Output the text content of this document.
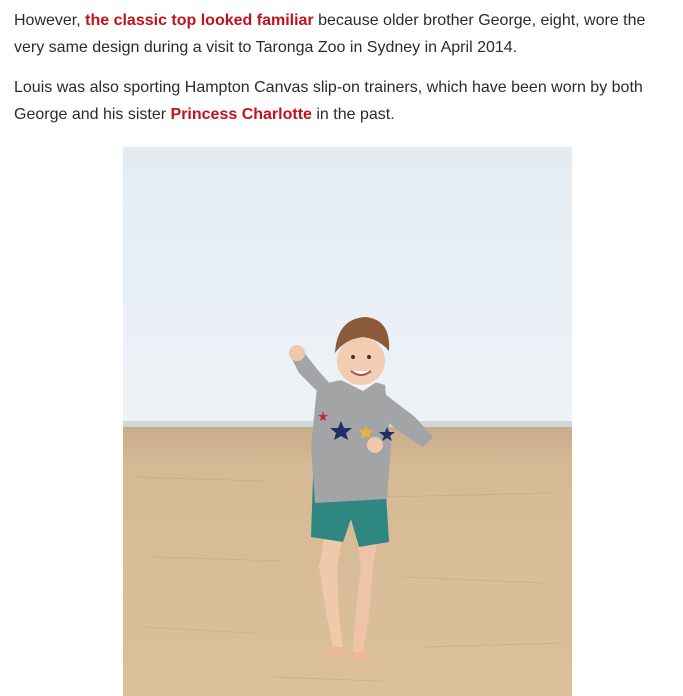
However, the classic top looked familiar because older brother George, eight, wore the very same design during a visit to Taronga Zoo in Sydney in April 2014.

Louis was also sporting Hampton Canvas slip-on trainers, which have been worn by both George and his sister Princess Charlotte in the past.
